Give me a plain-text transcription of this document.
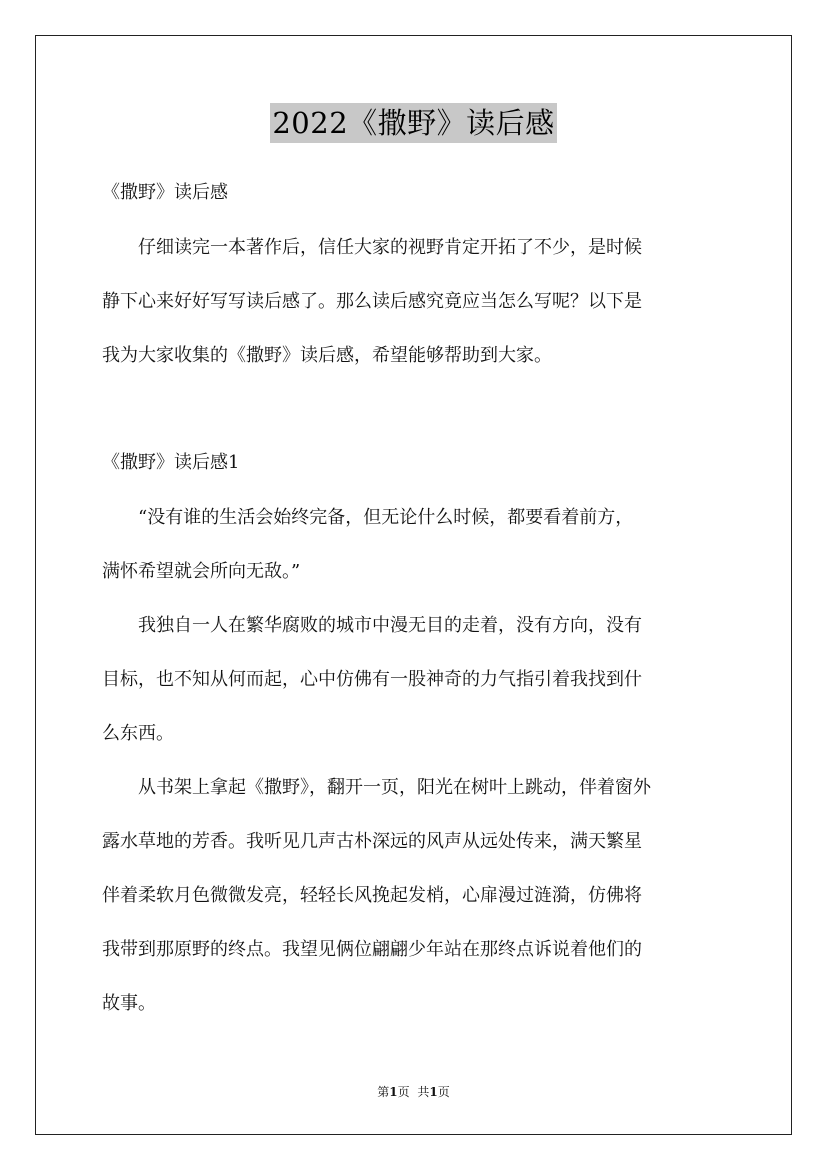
2022《撒野》读后感

《撒野》读后感

仔细读完一本著作后，信任大家的视野肯定开拓了不少，是时候
静下心来好好写写读后感了。那么读后感究竟应当怎么写呢？以下是
我为大家收集的《撒野》读后感，希望能够帮助到大家。

《撒野》读后感1

“没有谁的生活会始终完备，但无论什么时候，都要看着前方，
满怀希望就会所向无敌。”
我独自一人在繁华腐败的城市中漫无目的走着，没有方向，没有
目标，也不知从何而起，心中仿佛有一股神奇的力气指引着我找到什
么东西。
从书架上拿起《撒野》，翻开一页，阳光在树叶上跳动，伴着窗外
露水草地的芳香。我听见几声古朴深远的风声从远处传来，满天繁星
伴着柔软月色微微发亮，轻轻长风挽起发梢，心扉漫过涟漪，仿佛将
我带到那原野的终点。我望见俩位翩翩少年站在那终点诉说着他们的
故事。
第1页 共1页
